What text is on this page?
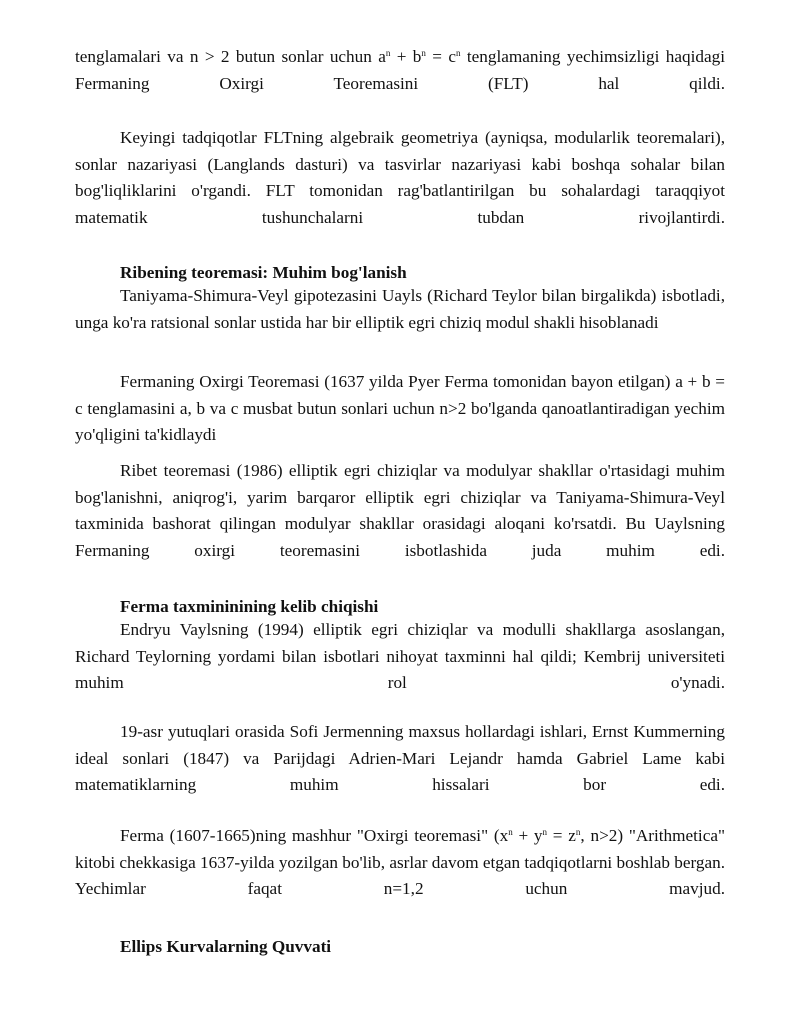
tenglamalari va n > 2 butun sonlar uchun $a^n + b^n = c^n$ tenglamaning yechimsizligi haqidagi Fermaning Oxirgi Teoremasini (FLT) hal qildi.

Keyingi tadqiqotlar FLTning algebraik geometriya (ayniqsa, modularlik teoremalari), sonlar nazariyasi (Langlands dasturi) va tasvirlar nazariyasi kabi boshqa sohalar bilan bog'liqliklarini o'rgandi. FLT tomonidan rag'batlantirilgan bu sohalardagi taraqqiyot matematik tushunchalarni tubdan rivojlantirdi.

Ribening teoremasi: Muhim bog'lanish

Taniyama-Shimura-Veyl gipotezasini Uayls (Richard Teylor bilan birgalikda) isbotladi, unga ko'ra ratsional sonlar ustida har bir elliptik egri chiziq modul shakli hisoblanadi

Fermaning Oxirgi Teoremasi (1637 yilda Pyer Ferma tomonidan bayon etilgan) a + b = c tenglamasini a, b va c musbat butun sonlari uchun n>2 bo'lganda qanoatlantiradigan yechim yo'qligini ta'kidlaydi

Ribet teoremasi (1986) elliptik egri chiziqlar va modulyar shakllar o'rtasidagi muhim bog'lanishni, aniqrog'i, yarim barqaror elliptik egri chiziqlar va Taniyama-Shimura-Veyl taxminida bashorat qilingan modulyar shakllar orasidagi aloqani ko'rsatdi. Bu Uaylsning Fermaning oxirgi teoremasini isbotlashida juda muhim edi.

Ferma taxmininining kelib chiqishi

Endryu Vaylsning (1994) elliptik egri chiziqlar va modulli shakllarga asoslangan, Richard Teylorning yordami bilan isbotlari nihoyat taxminni hal qildi; Kembrij universiteti muhim rol o'ynadi.

19-asr yutuqlari orasida Sofi Jermenning maxsus hollardagi ishlari, Ernst Kummerning ideal sonlari (1847) va Parijdagi Adrien-Mari Lejandr hamda Gabriel Lame kabi matematiklarning muhim hissalari bor edi.

Ferma (1607-1665)ning mashhur "Oxirgi teoremasi" ($x^n + y^n = z^n$, n>2) "Arithmetica" kitobi chekkasiga 1637-yilda yozilgan bo'lib, asrlar davom etgan tadqiqotlarni boshlab bergan. Yechimlar faqat n=1,2 uchun mavjud.

Ellips Kurvalarning Quvvati
